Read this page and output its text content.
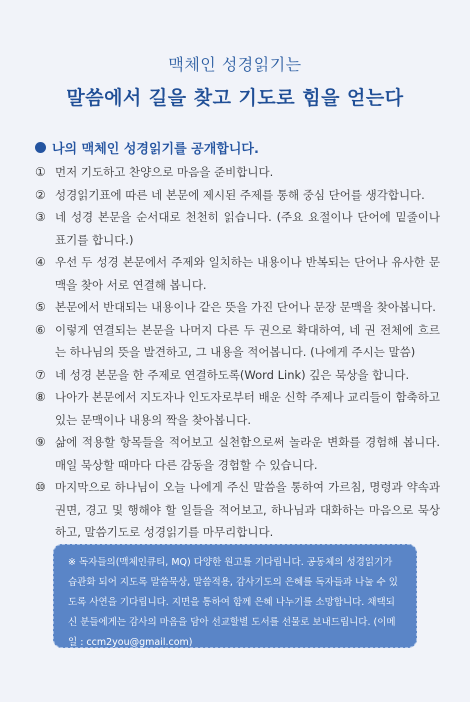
맥체인 성경읽기는
말씀에서 길을 찾고 기도로 힘을 얻는다
나의 맥체인 성경읽기를 공개합니다.
① 먼저 기도하고 찬양으로 마음을 준비합니다.
② 성경읽기표에 따른 네 본문에 제시된 주제를 통해 중심 단어를 생각합니다.
③ 네 성경 본문을 순서대로 천천히 읽습니다. (주요 요절이나 단어에 밑줄이나 표기를 합니다.)
④ 우선 두 성경 본문에서 주제와 일치하는 내용이나 반복되는 단어나 유사한 문맥을 찾아 서로 연결해 봅니다.
⑤ 본문에서 반대되는 내용이나 같은 뜻을 가진 단어나 문장 문맥을 찾아봅니다.
⑥ 이렇게 연결되는 본문을 나머지 다른 두 권으로 확대하여, 네 권 전체에 흐르는 하나님의 뜻을 발견하고, 그 내용을 적어봅니다. (나에게 주시는 말씀)
⑦ 네 성경 본문을 한 주제로 연결하도록(Word Link) 깊은 묵상을 합니다.
⑧ 나아가 본문에서 지도자나 인도자로부터 배운 신학 주제나 교리들이 함축하고 있는 문맥이나 내용의 짝을 찾아봅니다.
⑨ 삶에 적용할 항목들을 적어보고 실천함으로써 놀라운 변화를 경험해 봅니다. 매일 묵상할 때마다 다른 감동을 경험할 수 있습니다.
⑩ 마지막으로 하나님이 오늘 나에게 주신 말씀을 통하여 가르침, 명령과 약속과 권면, 경고 및 행해야 할 일들을 적어보고, 하나님과 대화하는 마음으로 묵상하고, 말씀기도로 성경읽기를 마무리합니다.
※ 독자들의(맥체인큐티, MQ) 다양한 원고를 기다립니다. 공동체의 성경읽기가 습관화 되어 지도록 말씀묵상, 말씀적용, 감사기도의 은혜를 독자들과 나눌 수 있도록 사연을 기다립니다. 지면을 통하여 함께 은혜 나누기를 소망합니다. 채택되신 분들에게는 감사의 마음을 담아 선교할별 도서를 선물로 보내드립니다. (이메일 : ccm2you@gmail.com)
